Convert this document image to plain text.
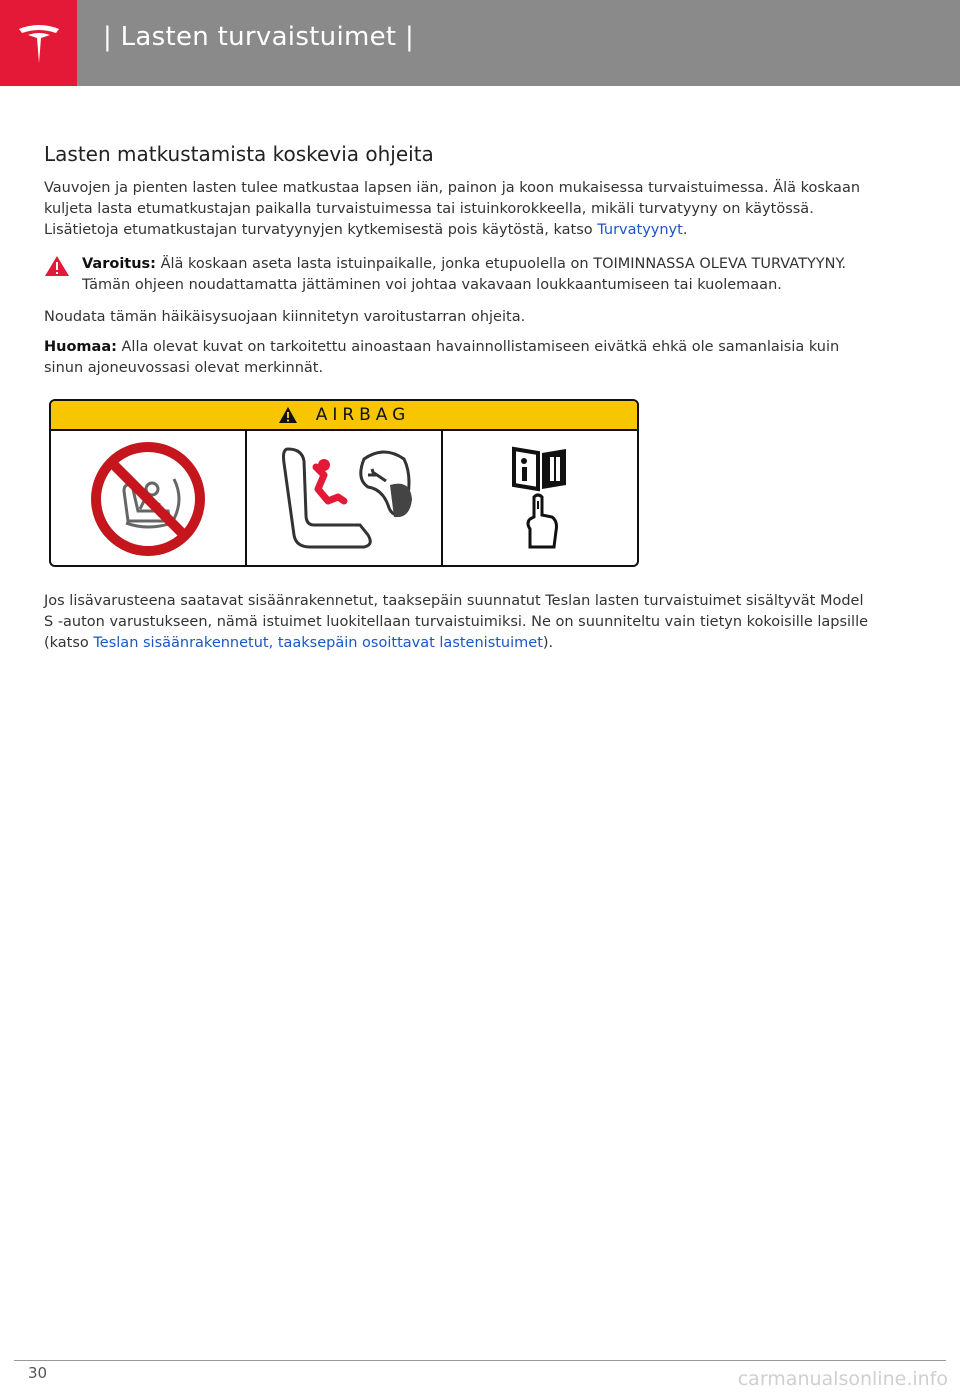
| Lasten turvaistuimet |
Lasten matkustamista koskevia ohjeita

Vauvojen ja pienten lasten tulee matkustaa lapsen iän, painon ja koon mukaisessa turvaistuimessa. Älä koskaan kuljeta lasta etumatkustajan paikalla turvaistuimessa tai istuinkorokkeella, mikäli turvatyyny on käytössä. Lisätietoja etumatkustajan turvatyynyjen kytkemisestä pois käytöstä, katso Turvatyynyt.

Varoitus: Älä koskaan aseta lasta istuinpaikalle, jonka etupuolella on TOIMINNASSA OLEVA TURVATYYNY. Tämän ohjeen noudattamatta jättäminen voi johtaa vakavaan loukkaantumiseen tai kuolemaan.

Noudata tämän häikäisysuojaan kiinnitetyn varoitustarran ohjeita.

Huomaa: Alla olevat kuvat on tarkoitettu ainoastaan havainnollistamiseen eivätkä ehkä ole samanlaisia kuin sinun ajoneuvossasi olevat merkinnät.

AIRBAG

Jos lisävarusteena saatavat sisäänrakennetut, taaksepäin suunnatut Teslan lasten turvaistuimet sisältyvät Model S -auton varustukseen, nämä istuimet luokitellaan turvaistuimiksi. Ne on suunniteltu vain tietyn kokoisille lapsille (katso Teslan sisäänrakennetut, taaksepäin osoittavat lastenistuimet).

30	carmanualsonline.info
